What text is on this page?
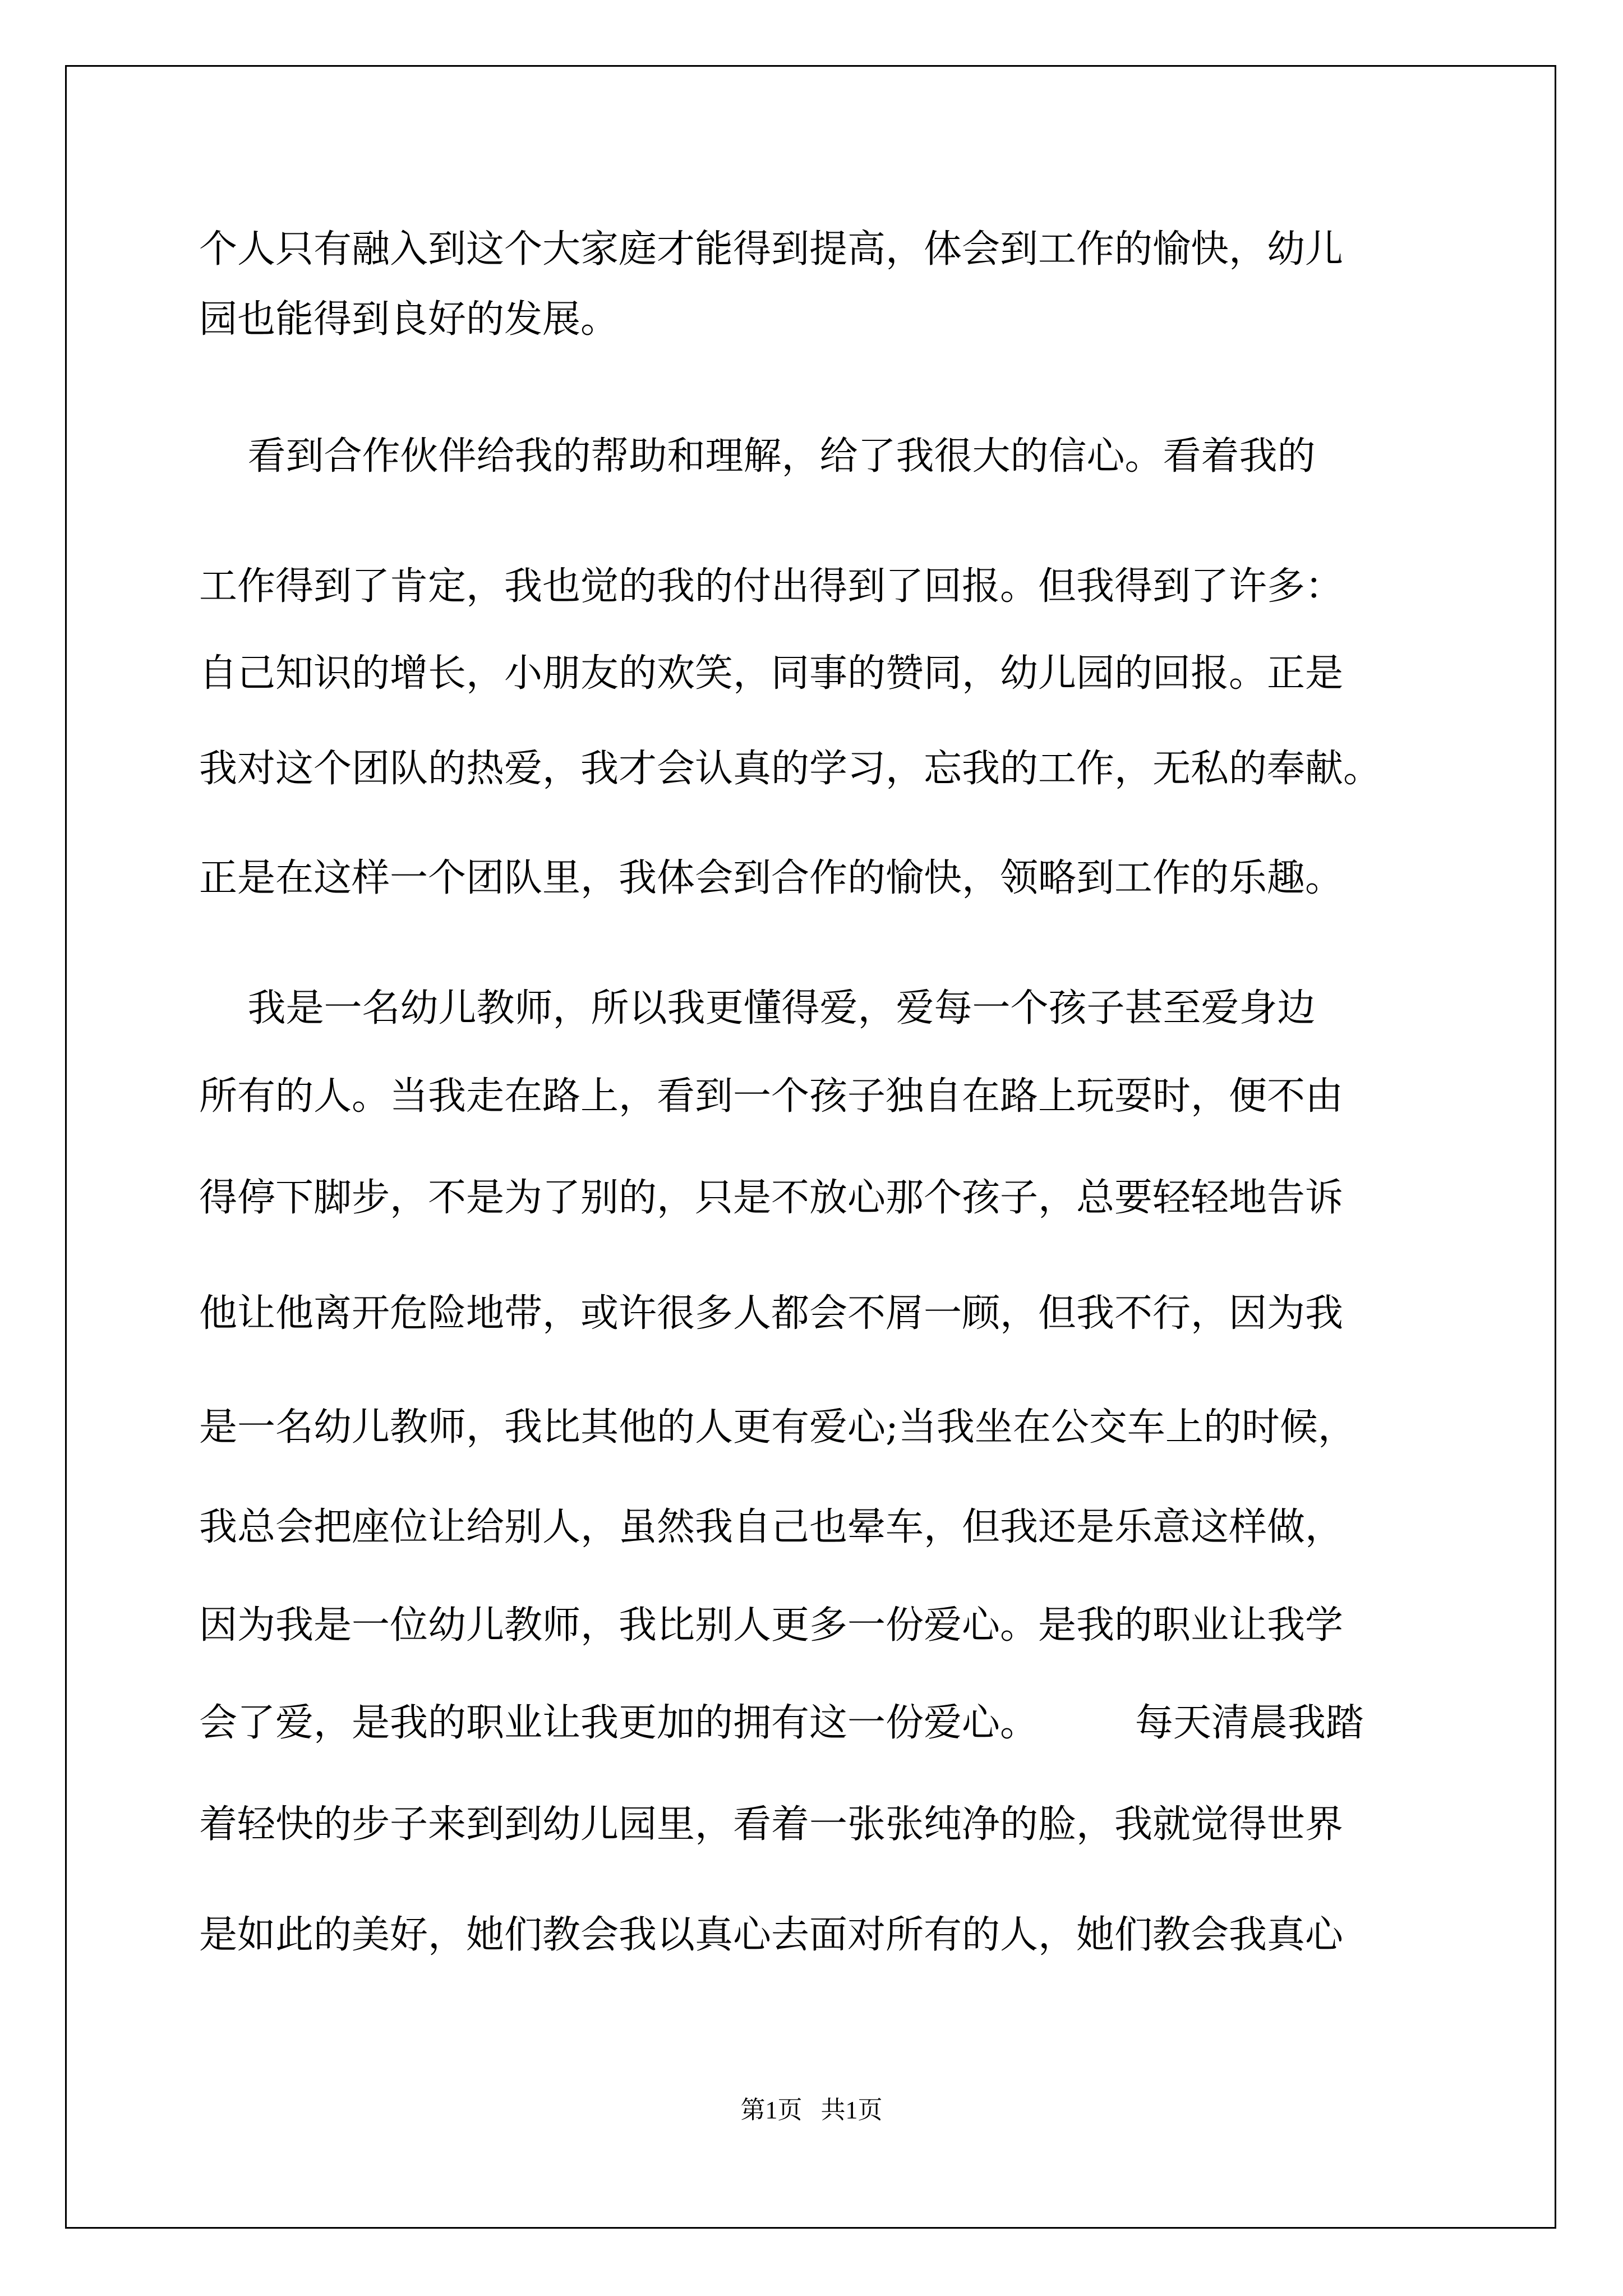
个人只有融入到这个大家庭才能得到提高，体会到工作的愉快，幼儿
园也能得到良好的发展。
看到合作伙伴给我的帮助和理解，给了我很大的信心。看着我的
工作得到了肯定，我也觉的我的付出得到了回报。但我得到了许多：
自己知识的增长，小朋友的欢笑，同事的赞同，幼儿园的回报。正是
我对这个团队的热爱，我才会认真的学习，忘我的工作，无私的奉献。
正是在这样一个团队里，我体会到合作的愉快，领略到工作的乐趣。
我是一名幼儿教师，所以我更懂得爱，爱每一个孩子甚至爱身边
所有的人。当我走在路上，看到一个孩子独自在路上玩耍时，便不由
得停下脚步，不是为了别的，只是不放心那个孩子，总要轻轻地告诉
他让他离开危险地带，或许很多人都会不屑一顾，但我不行，因为我
是一名幼儿教师，我比其他的人更有爱心;当我坐在公交车上的时候，
我总会把座位让给别人，虽然我自己也晕车，但我还是乐意这样做，
因为我是一位幼儿教师，我比别人更多一份爱心。是我的职业让我学
会了爱，是我的职业让我更加的拥有这一份爱心。        每天清晨我踏
着轻快的步子来到到幼儿园里，看着一张张纯净的脸，我就觉得世界
是如此的美好，她们教会我以真心去面对所有的人，她们教会我真心
第1页   共1页
